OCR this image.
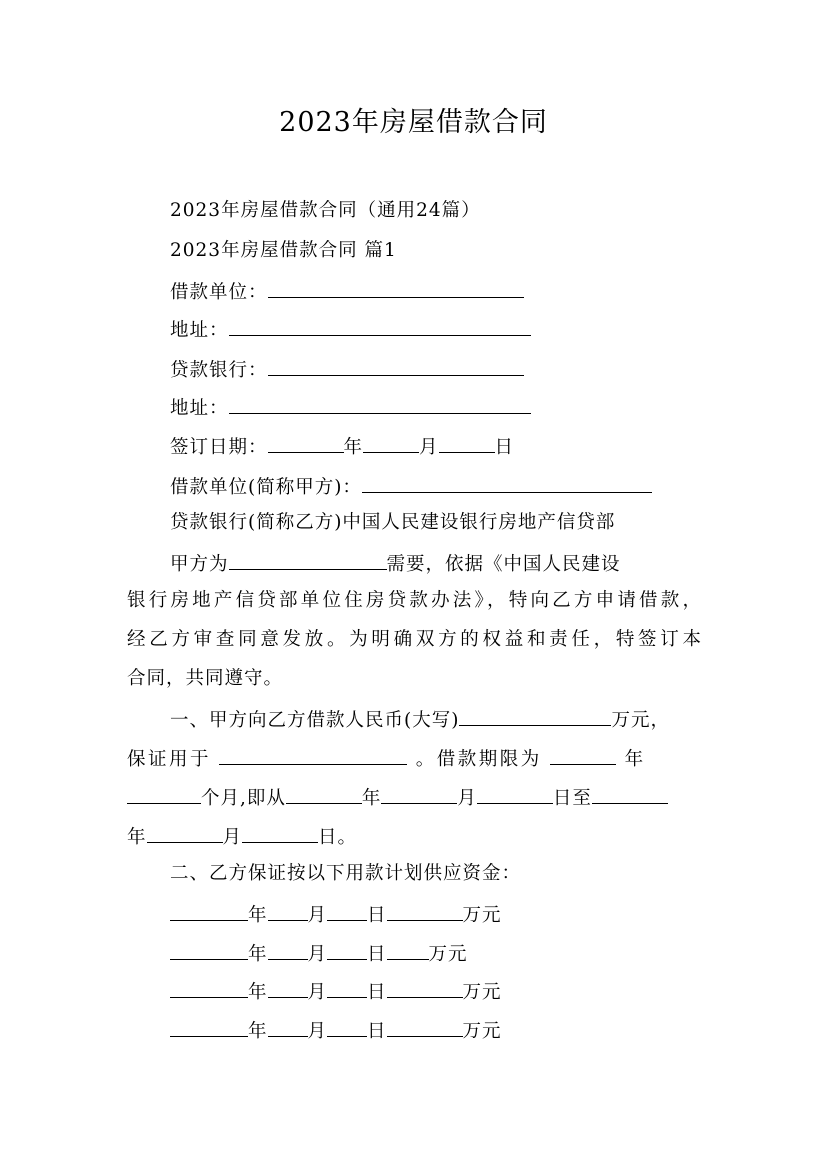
2023年房屋借款合同
2023年房屋借款合同（通用24篇）
2023年房屋借款合同 篇1
借款单位：
地址：
贷款银行：
地址：
签订日期：	年	月	日
借款单位(简称甲方)：
贷款银行(简称乙方)中国人民建设银行房地产信贷部
甲方为	需要，依据《中国人民建设
银行房地产信贷部单位住房贷款办法》，特向乙方申请借款，
经乙方审查同意发放。为明确双方的权益和责任，特签订本
合同，共同遵守。
一、甲方向乙方借款人民币(大写)	万元，
保证用于	。借款期限为	年
个月,即从	年	月	日至
年	月	日。
二、乙方保证按以下用款计划供应资金：
年 月 日	万元
年 月 日 万元
年 月 日	万元
年 月 日	万元
